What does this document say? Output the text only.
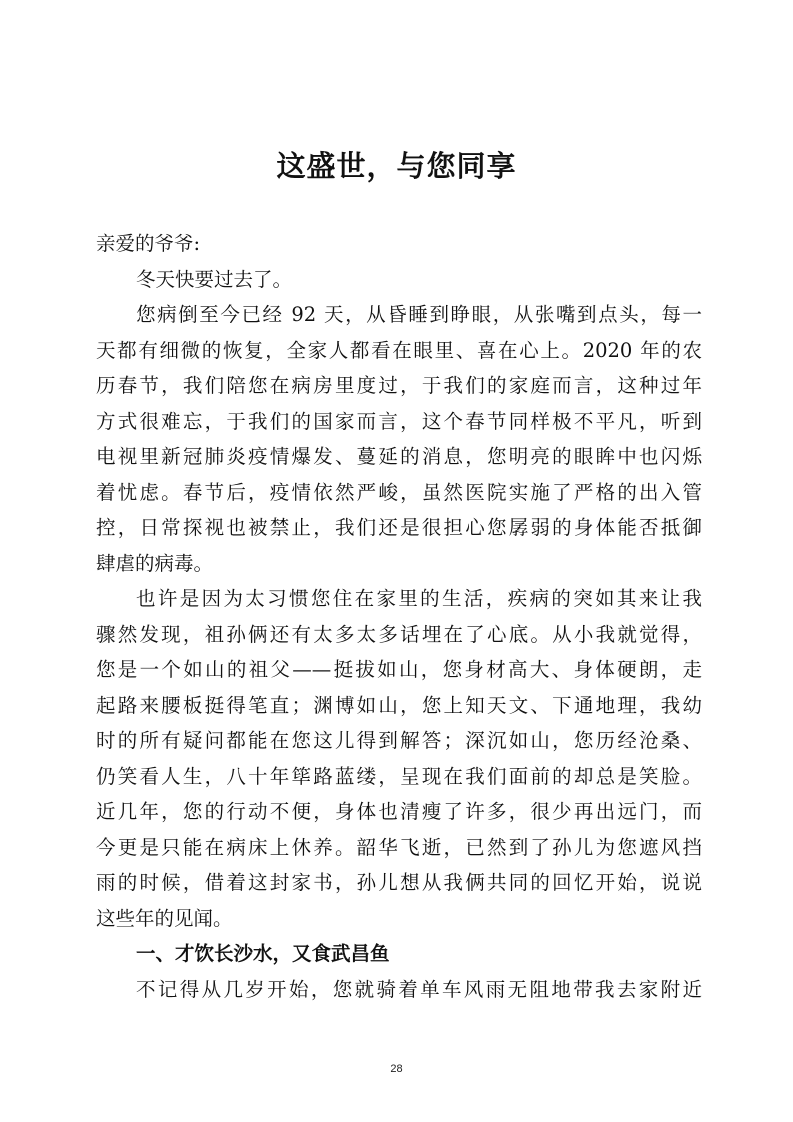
这盛世，与您同享

亲爱的爷爷:

冬天快要过去了。

您病倒至今已经 92 天，从昏睡到睁眼，从张嘴到点头，每一

天都有细微的恢复，全家人都看在眼里、喜在心上。2020 年的农

历春节，我们陪您在病房里度过，于我们的家庭而言，这种过年

方式很难忘，于我们的国家而言，这个春节同样极不平凡，听到

电视里新冠肺炎疫情爆发、蔓延的消息，您明亮的眼眸中也闪烁

着忧虑。春节后，疫情依然严峻，虽然医院实施了严格的出入管

控，日常探视也被禁止，我们还是很担心您孱弱的身体能否抵御

肆虐的病毒。

也许是因为太习惯您住在家里的生活，疾病的突如其来让我

骤然发现，祖孙俩还有太多太多话埋在了心底。从小我就觉得，

您是一个如山的祖父——挺拔如山，您身材高大、身体硬朗，走

起路来腰板挺得笔直；渊博如山，您上知天文、下通地理，我幼

时的所有疑问都能在您这儿得到解答；深沉如山，您历经沧桑、

仍笑看人生，八十年筚路蓝缕，呈现在我们面前的却总是笑脸。

近几年，您的行动不便，身体也清瘦了许多，很少再出远门，而

今更是只能在病床上休养。韶华飞逝，已然到了孙儿为您遮风挡

雨的时候，借着这封家书，孙儿想从我俩共同的回忆开始，说说

这些年的见闻。

一、才饮长沙水，又食武昌鱼

不记得从几岁开始，您就骑着单车风雨无阻地带我去家附近

28
